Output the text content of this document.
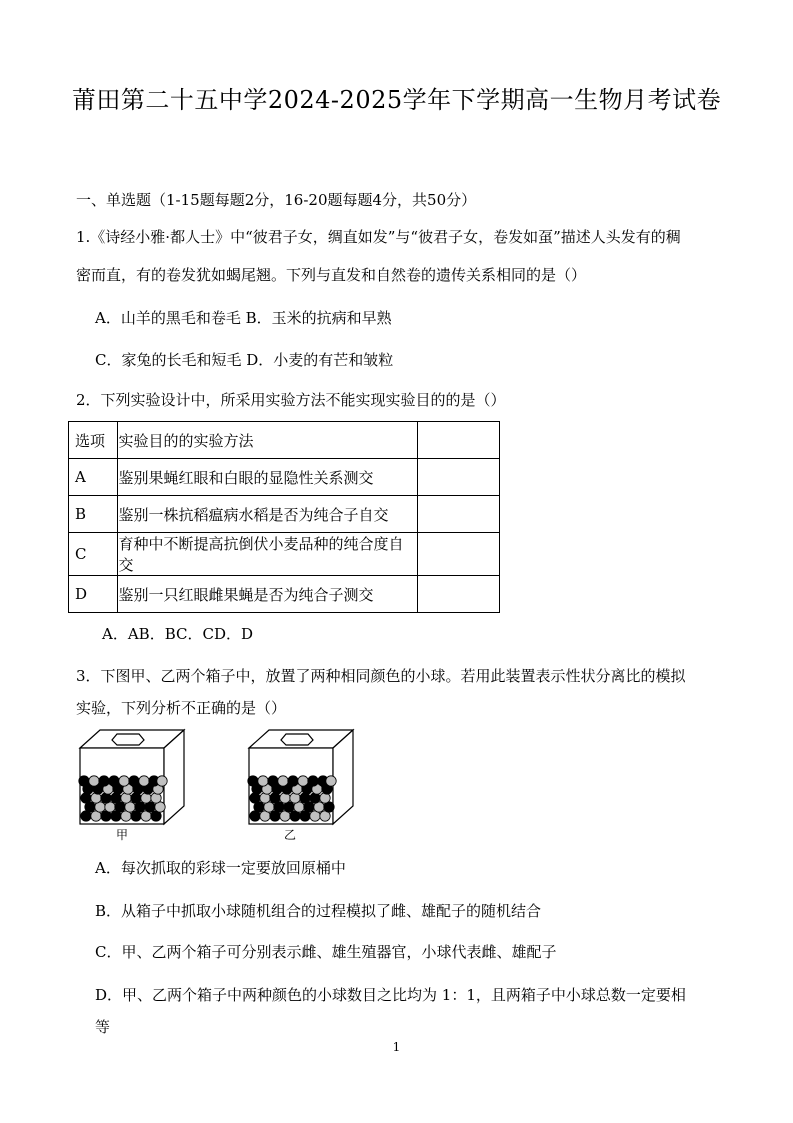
莆田第二十五中学2024-2025学年下学期高一生物月考试卷
一、单选题（1-15题每题2分，16-20题每题4分，共50分）
1.《诗经小雅·都人士》中“彼君子女，绸直如发”与“彼君子女，卷发如虿”描述人头发有的稠
密而直，有的卷发犹如蝎尾翘。下列与直发和自然卷的遗传关系相同的是（）
A．山羊的黑毛和卷毛 B．玉米的抗病和早熟
C．家兔的长毛和短毛 D．小麦的有芒和皱粒
2．下列实验设计中，所采用实验方法不能实现实验目的的是（）
选项	实验目的的实验方法	
A	鉴别果蝇红眼和白眼的显隐性关系测交	
B	鉴别一株抗稻瘟病水稻是否为纯合子自交	
C	育种中不断提高抗倒伏小麦品种的纯合度自交	
D	鉴别一只红眼雌果蝇是否为纯合子测交	
A．AB．BC．CD．D
3．下图甲、乙两个箱子中，放置了两种相同颜色的小球。若用此装置表示性状分离比的模拟
实验，下列分析不正确的是（）
甲	乙
A．每次抓取的彩球一定要放回原桶中
B．从箱子中抓取小球随机组合的过程模拟了雌、雄配子的随机结合
C．甲、乙两个箱子可分别表示雌、雄生殖器官，小球代表雌、雄配子
D．甲、乙两个箱子中两种颜色的小球数目之比均为 1：1，且两箱子中小球总数一定要相
等
1
